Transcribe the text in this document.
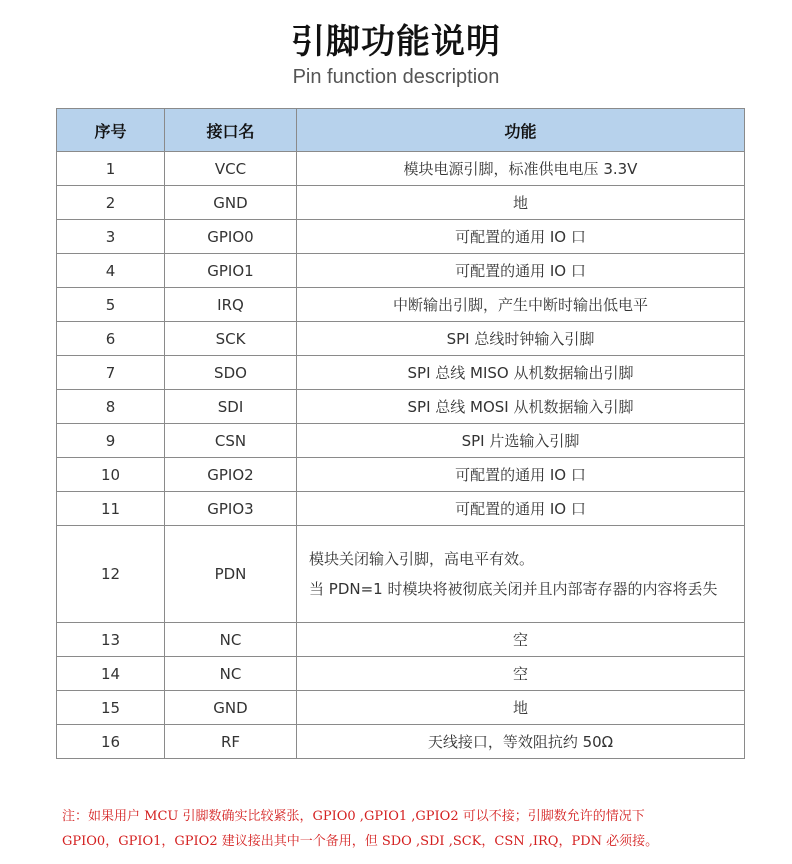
引脚功能说明
Pin function description
序号	接口名	功能
1	VCC	模块电源引脚，标准供电电压 3.3V
2	GND	地
3	GPIO0	可配置的通用 IO 口
4	GPIO1	可配置的通用 IO 口
5	IRQ	中断输出引脚，产生中断时输出低电平
6	SCK	SPI 总线时钟输入引脚
7	SDO	SPI 总线 MISO 从机数据输出引脚
8	SDI	SPI 总线 MOSI 从机数据输入引脚
9	CSN	SPI 片选输入引脚
10	GPIO2	可配置的通用 IO 口
11	GPIO3	可配置的通用 IO 口
12	PDN	模块关闭输入引脚，高电平有效。
当 PDN=1 时模块将被彻底关闭并且内部寄存器的内容将丢失

13	NC	空
14	NC	空
15	GND	地
16	RF	天线接口，等效阻抗约 50Ω
注：如果用户 MCU 引脚数确实比较紧张，GPIO0 ,GPIO1 ,GPIO2 可以不接；引脚数允许的情况下
GPIO0，GPIO1，GPIO2 建议接出其中一个备用，但 SDO ,SDI ,SCK，CSN ,IRQ，PDN 必须接。
